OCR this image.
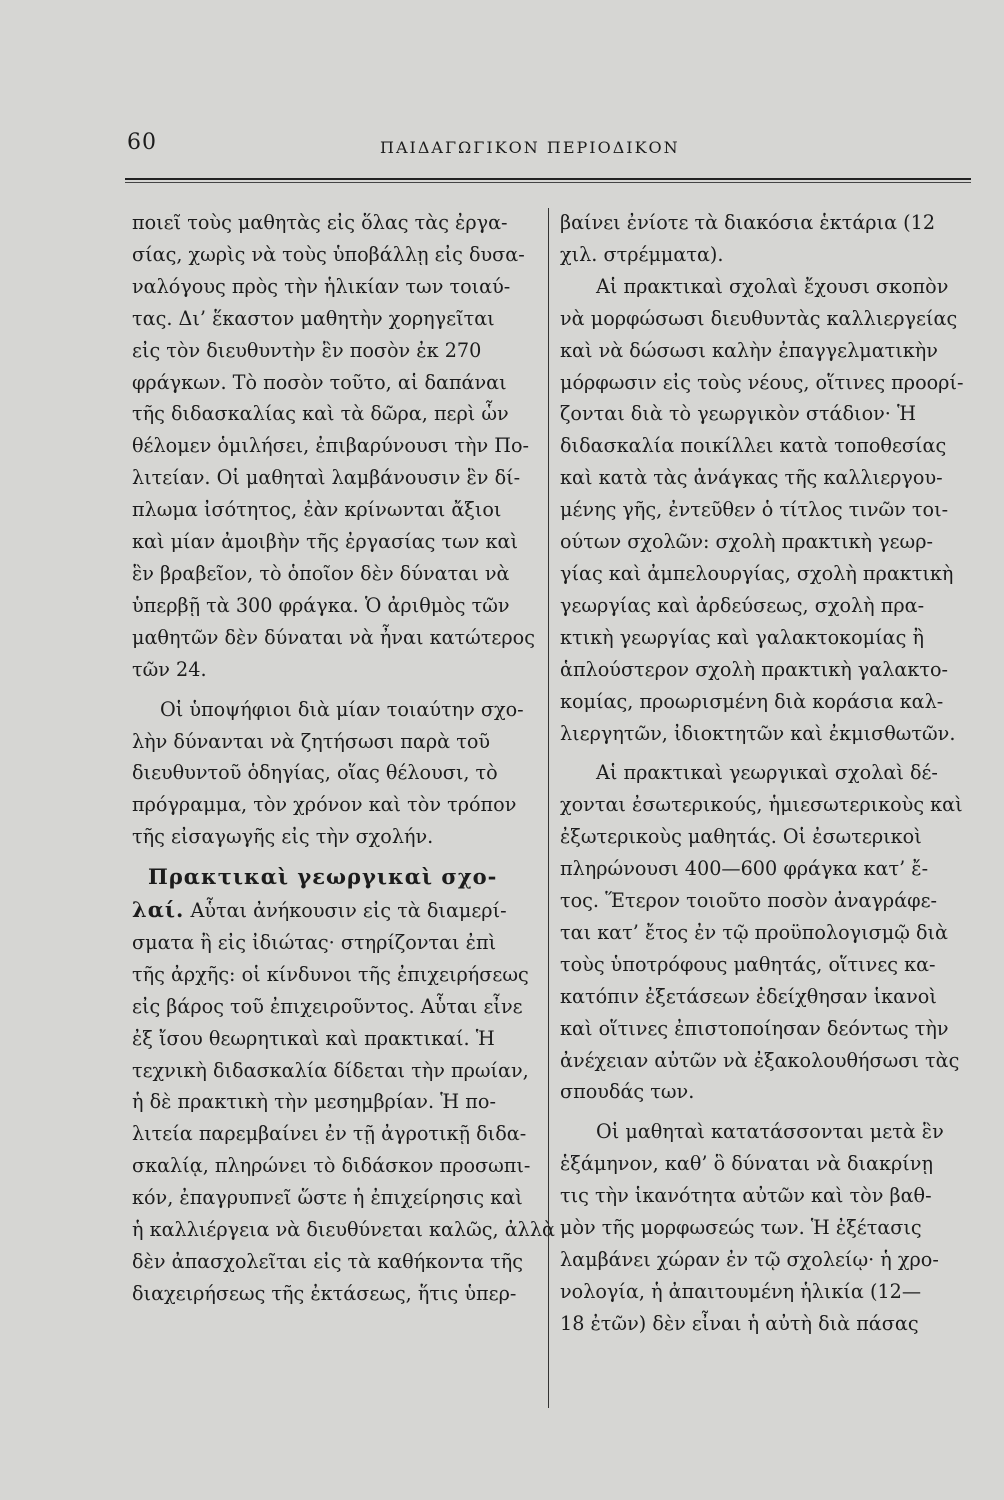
60	ΠΑΙΔΑΓΩΓΙΚΟΝ ΠΕΡΙΟΔΙΚΟΝ

ποιεῖ τοὺς μαθητὰς εἰς ὅλας τὰς ἐργα-
σίας, χωρὶς νὰ τοὺς ὑποβάλλῃ εἰς δυσα-
ναλόγους πρὸς τὴν ἡλικίαν των τοιαύ-
τας. Δι’ ἕκαστον μαθητὴν χορηγεῖται
εἰς τὸν διευθυντὴν ἓν ποσὸν ἐκ 270
φράγκων. Τὸ ποσὸν τοῦτο, αἱ δαπάναι
τῆς διδασκαλίας καὶ τὰ δῶρα, περὶ ὧν
θέλομεν ὁμιλήσει, ἐπιβαρύνουσι τὴν Πο-
λιτείαν. Οἱ μαθηταὶ λαμβάνουσιν ἓν δί-
πλωμα ἰσότητος, ἐὰν κρίνωνται ἄξιοι
καὶ μίαν ἀμοιβὴν τῆς ἐργασίας των καὶ
ἓν βραβεῖον, τὸ ὁποῖον δὲν δύναται νὰ
ὑπερβῇ τὰ 300 φράγκα. Ὁ ἀριθμὸς τῶν
μαθητῶν δὲν δύναται νὰ ἦναι κατώτερος
τῶν 24.

Οἱ ὑποψήφιοι διὰ μίαν τοιαύτην σχο-
λὴν δύνανται νὰ ζητήσωσι παρὰ τοῦ
διευθυντοῦ ὁδηγίας, οἵας θέλουσι, τὸ
πρόγραμμα, τὸν χρόνον καὶ τὸν τρόπον
τῆς εἰσαγωγῆς εἰς τὴν σχολήν.

Πρακτικαὶ γεωργικαὶ σχο-
λαί. Αὗται ἀνήκουσιν εἰς τὰ διαμερί-
σματα ἢ εἰς ἰδιώτας· στηρίζονται ἐπὶ
τῆς ἀρχῆς: οἱ κίνδυνοι τῆς ἐπιχειρήσεως
εἰς βάρος τοῦ ἐπιχειροῦντος. Αὗται εἶνε
ἐξ ἴσου θεωρητικαὶ καὶ πρακτικαί. Ἡ
τεχνικὴ διδασκαλία δίδεται τὴν πρωίαν,
ἡ δὲ πρακτικὴ τὴν μεσημβρίαν. Ἡ πο-
λιτεία παρεμβαίνει ἐν τῇ ἀγροτικῇ διδα-
σκαλίᾳ, πληρώνει τὸ διδάσκον προσωπι-
κόν, ἐπαγρυπνεῖ ὥστε ἡ ἐπιχείρησις καὶ
ἡ καλλιέργεια νὰ διευθύνεται καλῶς, ἀλλὰ
δὲν ἀπασχολεῖται εἰς τὰ καθήκοντα τῆς
διαχειρήσεως τῆς ἐκτάσεως, ἥτις ὑπερ-

βαίνει ἐνίοτε τὰ διακόσια ἑκτάρια (12
χιλ. στρέμματα).

Αἱ πρακτικαὶ σχολαὶ ἔχουσι σκοπὸν
νὰ μορφώσωσι διευθυντὰς καλλιεργείας
καὶ νὰ δώσωσι καλὴν ἐπαγγελματικὴν
μόρφωσιν εἰς τοὺς νέους, οἵτινες προορί-
ζονται διὰ τὸ γεωργικὸν στάδιον· Ἡ
διδασκαλία ποικίλλει κατὰ τοποθεσίας
καὶ κατὰ τὰς ἀνάγκας τῆς καλλιεργου-
μένης γῆς, ἐντεῦθεν ὁ τίτλος τινῶν τοι-
ούτων σχολῶν: σχολὴ πρακτικὴ γεωρ-
γίας καὶ ἀμπελουργίας, σχολὴ πρακτικὴ
γεωργίας καὶ ἀρδεύσεως, σχολὴ πρα-
κτικὴ γεωργίας καὶ γαλακτοκομίας ἢ
ἁπλούστερον σχολὴ πρακτικὴ γαλακτο-
κομίας, προωρισμένη διὰ κοράσια καλ-
λιεργητῶν, ἰδιοκτητῶν καὶ ἐκμισθωτῶν.

Αἱ πρακτικαὶ γεωργικαὶ σχολαὶ δέ-
χονται ἐσωτερικούς, ἡμιεσωτερικοὺς καὶ
ἐξωτερικοὺς μαθητάς. Οἱ ἐσωτερικοὶ
πληρώνουσι 400—600 φράγκα κατ’ ἔ-
τος. Ἕτερον τοιοῦτο ποσὸν ἀναγράφε-
ται κατ’ ἔτος ἐν τῷ προϋπολογισμῷ διὰ
τοὺς ὑποτρόφους μαθητάς, οἵτινες κα-
κατόπιν ἐξετάσεων ἐδείχθησαν ἱκανοὶ
καὶ οἵτινες ἐπιστοποίησαν δεόντως τὴν
ἀνέχειαν αὐτῶν νὰ ἐξακολουθήσωσι τὰς
σπουδάς των.

Οἱ μαθηταὶ κατατάσσονται μετὰ ἓν
ἑξάμηνον, καθ’ ὃ δύναται νὰ διακρίνῃ
τις τὴν ἱκανότητα αὐτῶν καὶ τὸν βαθ-
μὸν τῆς μορφωσεώς των. Ἡ ἐξέτασις
λαμβάνει χώραν ἐν τῷ σχολείῳ· ἡ χρο-
νολογία, ἡ ἀπαιτουμένη ἡλικία (12—
18 ἐτῶν) δὲν εἶναι ἡ αὐτὴ διὰ πάσας
